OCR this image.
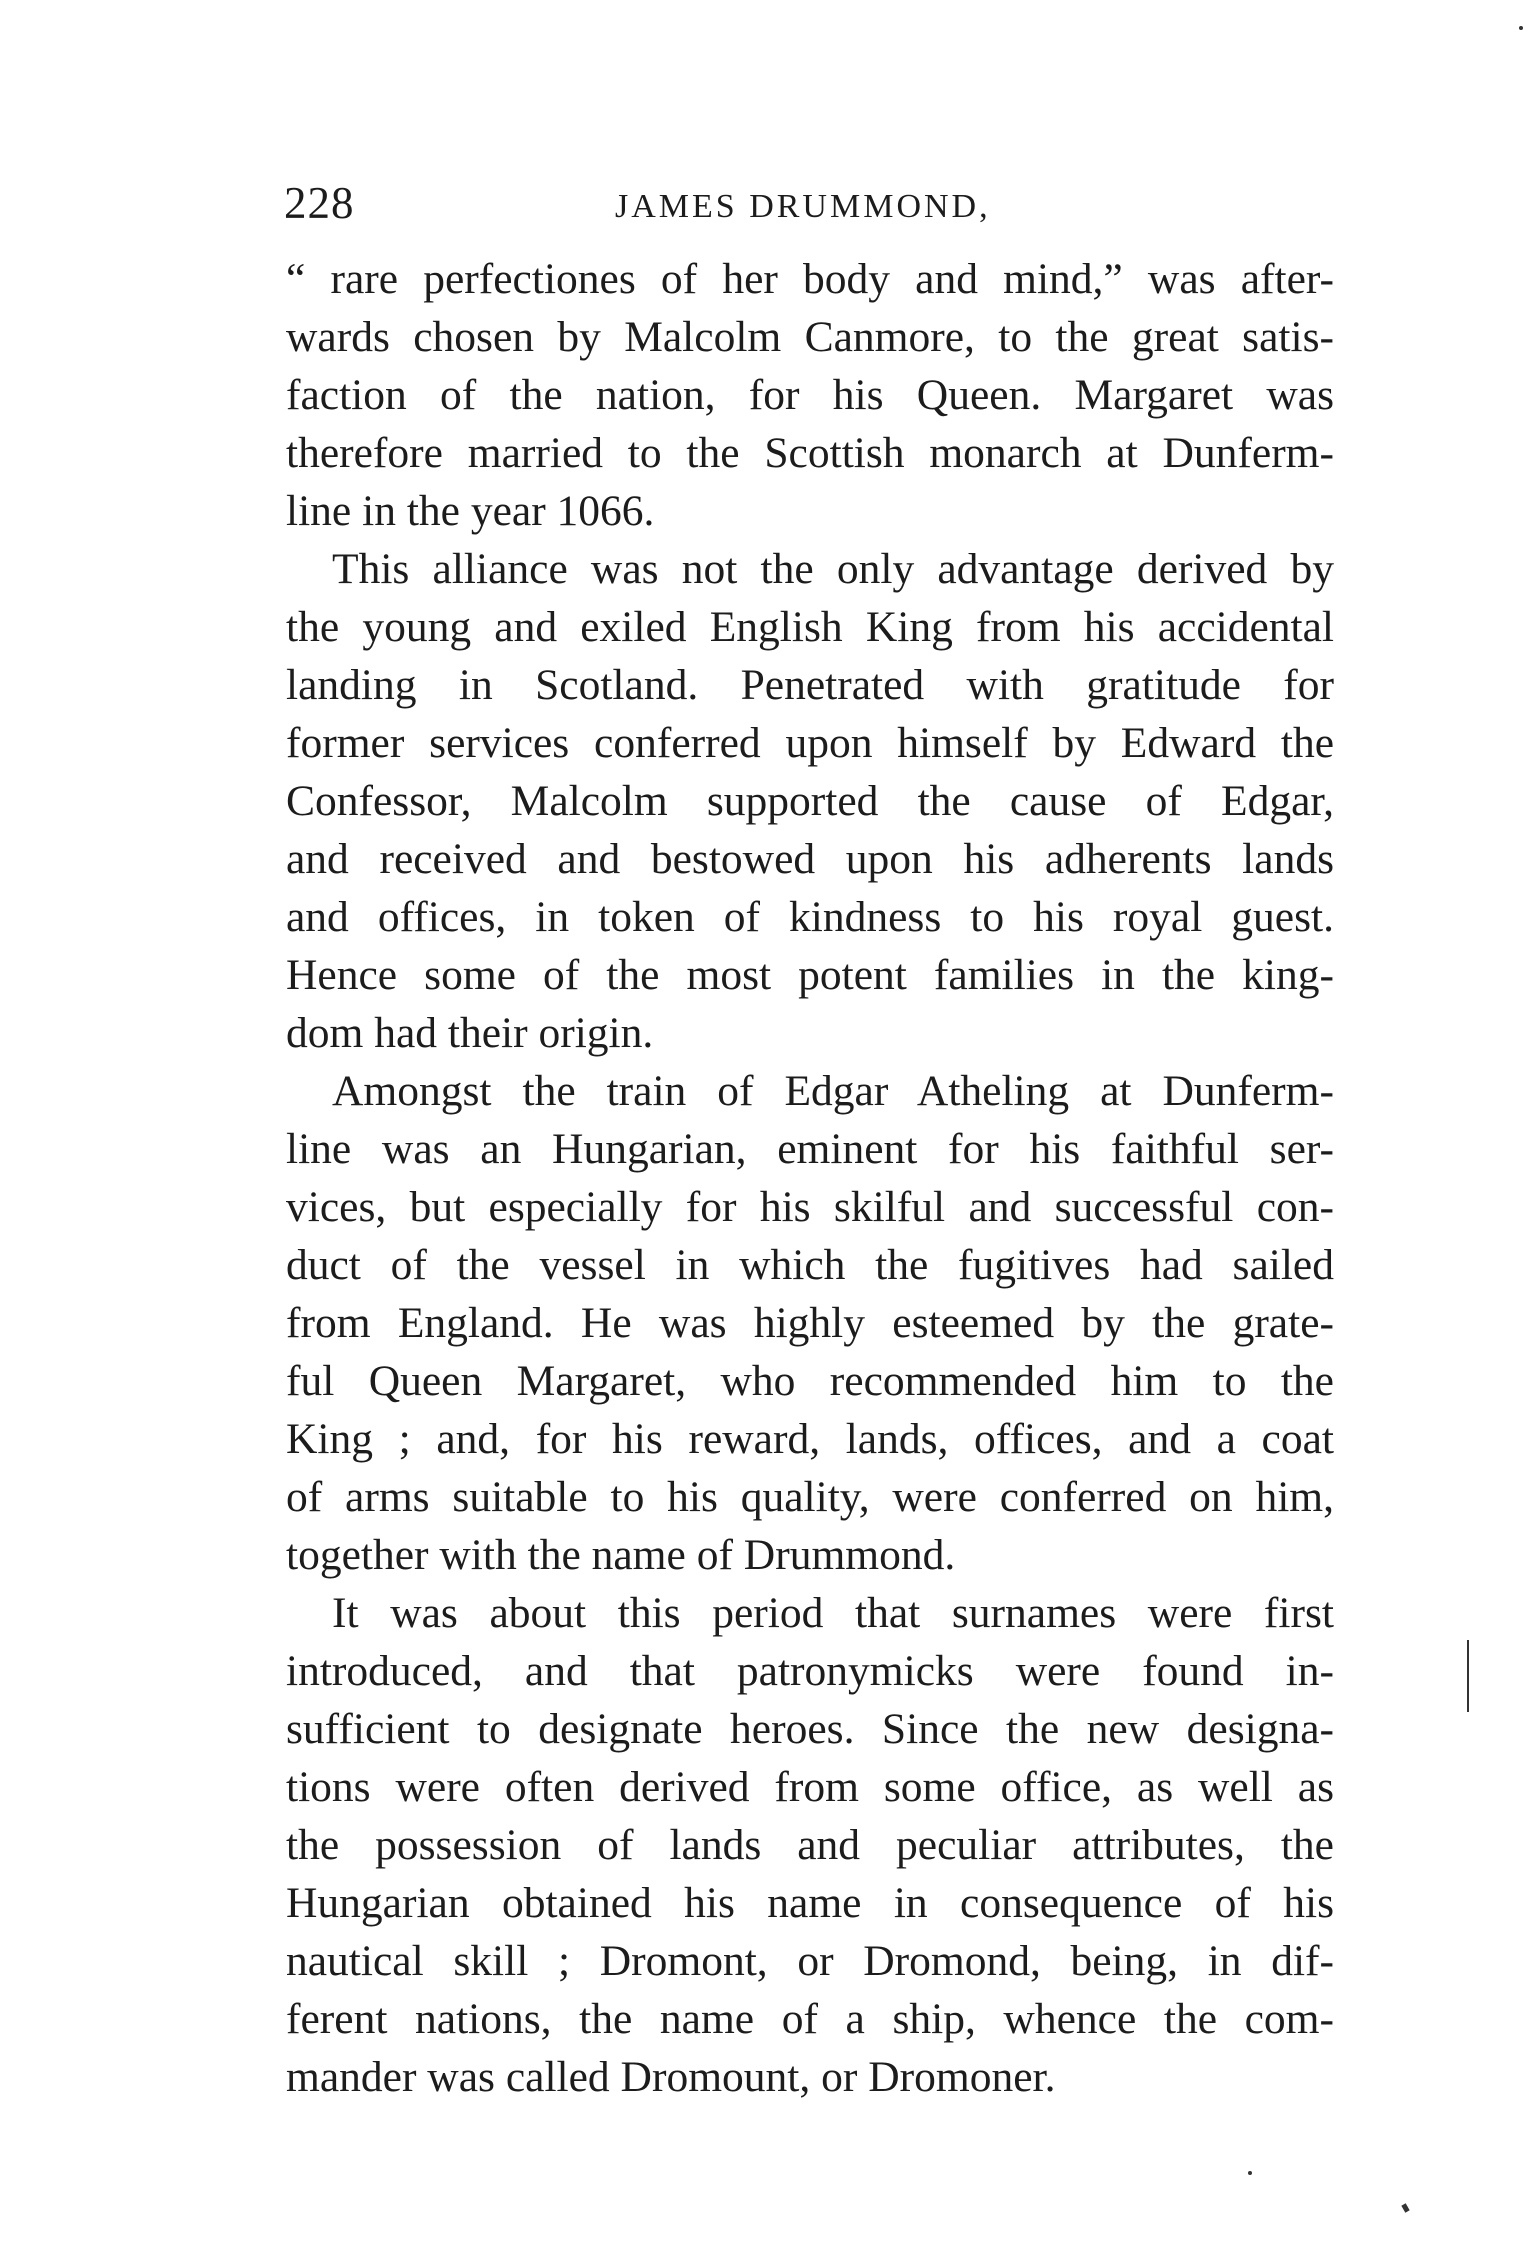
228	JAMES DRUMMOND,
“ rare perfectiones of her body and mind,” was after-
wards chosen by Malcolm Canmore, to the great satis-
faction of the nation, for his Queen. Margaret was
therefore married to the Scottish monarch at Dunferm-
line in the year 1066.
This alliance was not the only advantage derived by
the young and exiled English King from his accidental
landing in Scotland. Penetrated with gratitude for
former services conferred upon himself by Edward the
Confessor, Malcolm supported the cause of Edgar,
and received and bestowed upon his adherents lands
and offices, in token of kindness to his royal guest.
Hence some of the most potent families in the king-
dom had their origin.
Amongst the train of Edgar Atheling at Dunferm-
line was an Hungarian, eminent for his faithful ser-
vices, but especially for his skilful and successful con-
duct of the vessel in which the fugitives had sailed
from England. He was highly esteemed by the grate-
ful Queen Margaret, who recommended him to the
King ; and, for his reward, lands, offices, and a coat
of arms suitable to his quality, were conferred on him,
together with the name of Drummond.
It was about this period that surnames were first
introduced, and that patronymicks were found in-
sufficient to designate heroes. Since the new designa-
tions were often derived from some office, as well as
the possession of lands and peculiar attributes, the
Hungarian obtained his name in consequence of his
nautical skill ; Dromont, or Dromond, being, in dif-
ferent nations, the name of a ship, whence the com-
mander was called Dromount, or Dromoner.
